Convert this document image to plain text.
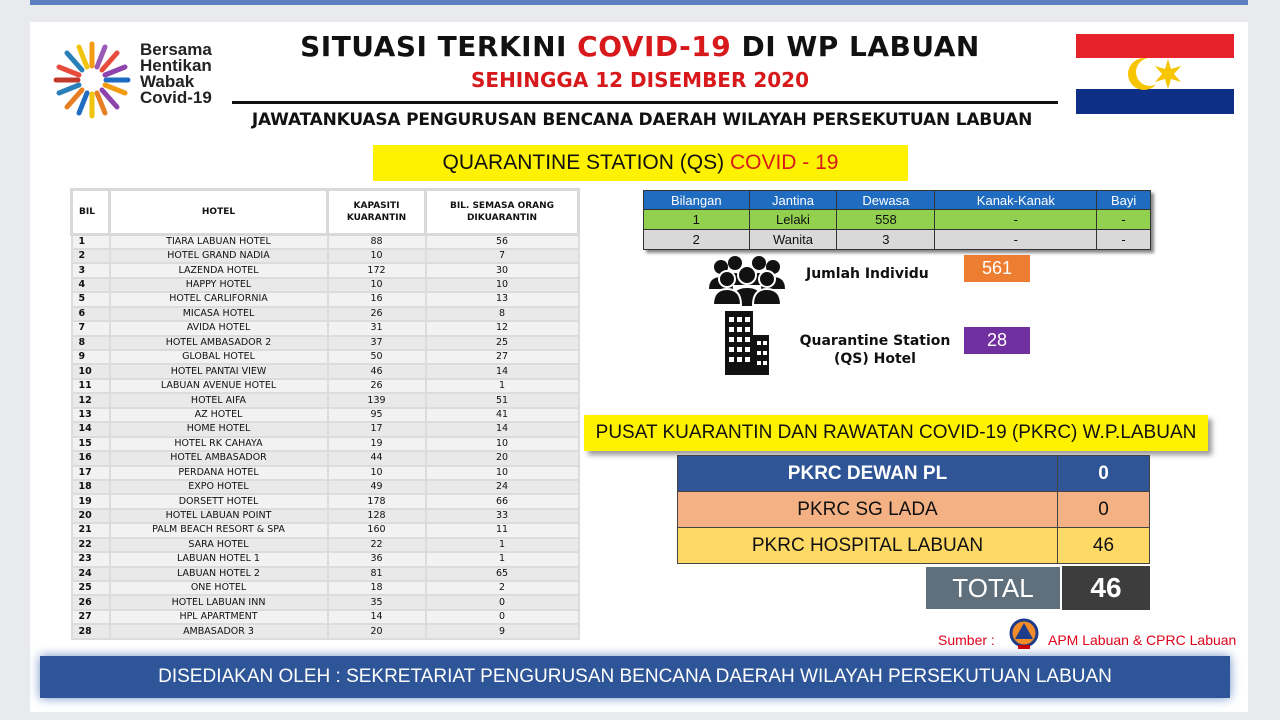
Bersama
Hentikan
Wabak
Covid-19
SITUASI TERKINI COVID-19 DI WP LABUAN
SEHINGGA 12 DISEMBER 2020
JAWATANKUASA PENGURUSAN BENCANA DAERAH WILAYAH PERSEKUTUAN LABUAN
QUARANTINE STATION (QS) COVID - 19
BIL	HOTEL	KAPASITI KUARANTIN	BIL. SEMASA ORANG DIKUARANTIN
1	TIARA LABUAN HOTEL	88	56
2	HOTEL GRAND NADIA	10	7
3	LAZENDA HOTEL	172	30
4	HAPPY HOTEL	10	10
5	HOTEL CARLIFORNIA	16	13
6	MICASA HOTEL	26	8
7	AVIDA HOTEL	31	12
8	HOTEL AMBASADOR 2	37	25
9	GLOBAL HOTEL	50	27
10	HOTEL PANTAI VIEW	46	14
11	LABUAN AVENUE HOTEL	26	1
12	HOTEL AIFA	139	51
13	AZ HOTEL	95	41
14	HOME HOTEL	17	14
15	HOTEL RK CAHAYA	19	10
16	HOTEL AMBASADOR	44	20
17	PERDANA HOTEL	10	10
18	EXPO HOTEL	49	24
19	DORSETT HOTEL	178	66
20	HOTEL LABUAN POINT	128	33
21	PALM BEACH RESORT & SPA	160	11
22	SARA HOTEL	22	1
23	LABUAN HOTEL 1	36	1
24	LABUAN HOTEL 2	81	65
25	ONE HOTEL	18	2
26	HOTEL LABUAN INN	35	0
27	HPL APARTMENT	14	0
28	AMBASADOR 3	20	9
Bilangan	Jantina	Dewasa	Kanak-Kanak	Bayi
1	Lelaki	558	-	-
2	Wanita	3	-	-
Jumlah Individu	561
Quarantine Station
(QS) Hotel
28
PUSAT KUARANTIN DAN RAWATAN COVID-19 (PKRC) W.P.LABUAN
PKRC DEWAN PL	0
PKRC SG LADA	0
PKRC HOSPITAL LABUAN	46
TOTAL	46
Sumber :	APM Labuan & CPRC Labuan
DISEDIAKAN OLEH : SEKRETARIAT PENGURUSAN BENCANA DAERAH WILAYAH PERSEKUTUAN LABUAN
